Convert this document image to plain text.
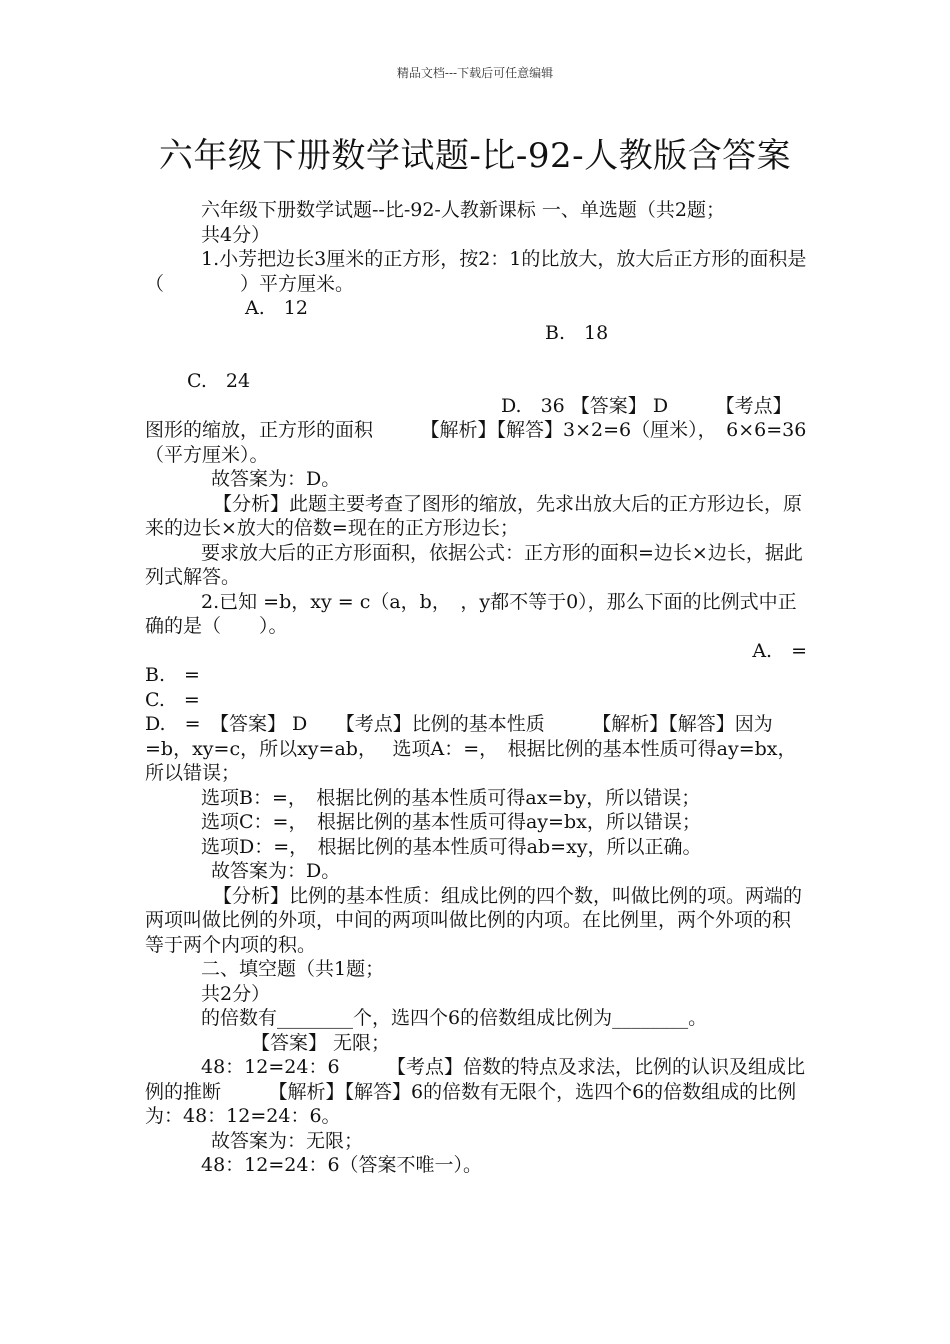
精品文档---下载后可任意编辑
六年级下册数学试题-比-92-人教版含答案

六年级下册数学试题--比-92-人教新课标 一、单选题（共2题；

共4分）

1.小芳把边长3厘米的正方形，按2：1的比放大，放大后正方形的面积是（　　　　）平方厘米。

A.　12

B.　18

C.　24

D.　36 【答案】 D　　　【考点】图形的缩放，正方形的面积　　　【解析】【解答】3×2=6（厘米），　6×6=36（平方厘米）。

故答案为：D。

【分析】此题主要考查了图形的缩放，先求出放大后的正方形边长，原来的边长×放大的倍数=现在的正方形边长；

要求放大后的正方形面积，依据公式：正方形的面积=边长×边长，据此列式解答。

2.已知 =b，xy = c（a，b，　，y都不等于0），那么下面的比例式中正确的是（　　）。

A.　=

B.　=

C.　=

D.　=　【答案】 D　　【考点】比例的基本性质　　　【解析】【解答】因为=b，xy=c，所以xy=ab，　 选项A：=，　根据比例的基本性质可得ay=bx，所以错误；

选项B：=，　根据比例的基本性质可得ax=by，所以错误；

选项C：=，　根据比例的基本性质可得ay=bx，所以错误；

选项D：=，　根据比例的基本性质可得ab=xy，所以正确。

故答案为：D。

【分析】比例的基本性质：组成比例的四个数，叫做比例的项。两端的两项叫做比例的外项，中间的两项叫做比例的内项。在比例里，两个外项的积等于两个内项的积。

二、填空题（共1题；

共2分）

的倍数有________个，选四个6的倍数组成比例为________。

【答案】 无限；

48：12=24：6　　　【考点】倍数的特点及求法，比例的认识及组成比例的推断　　　【解析】【解答】6的倍数有无限个，选四个6的倍数组成的比例为：48：12=24：6。

故答案为：无限；

48：12=24：6（答案不唯一）。
